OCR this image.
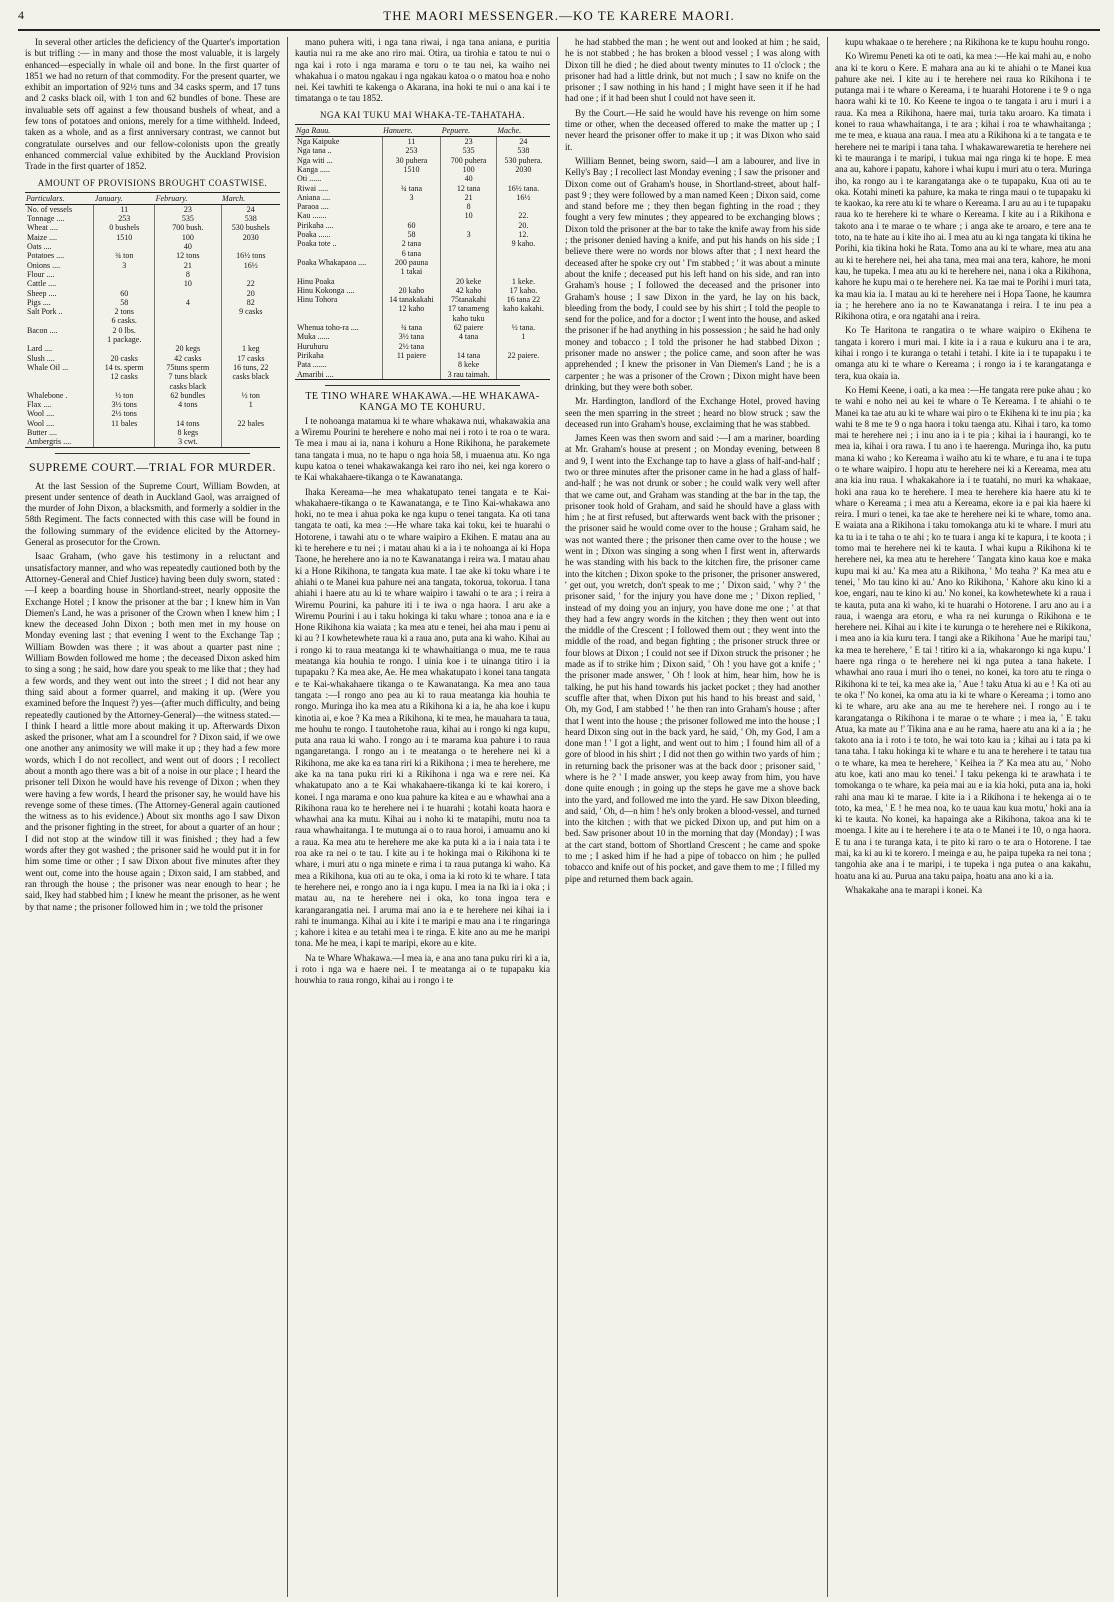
4	THE MAORI MESSENGER.—KO TE KARERE MAORI.

In several other articles the deficiency of the Quarter's importation is but trifling :— in many and those the most valuable, it is largely enhanced—especially in whale oil and bone. In the first quarter of 1851 we had no return of that commodity. For the present quarter, we exhibit an importation of 92½ tuns and 34 casks sperm, and 17 tuns and 2 casks black oil, with 1 ton and 62 bundles of bone. These are invaluable sets off against a few thousand bushels of wheat, and a few tons of potatoes and onions, merely for a time withheld. Indeed, taken as a whole, and as a first anniversary contrast, we cannot but congratulate ourselves and our fellow-colonists upon the greatly enhanced commercial value exhibited by the Auckland Provision Trade in the first quarter of 1852.

AMOUNT OF PROVISIONS BROUGHT COASTWISE.
Particulars.	January.	February.	March.
No. of vessels	11	23	24
Tonnage ....	253	535	538
Wheat ....	0 bushels	700 bush.	530 bushels
Maize ....	1510	100	2030
Oats ....		40	
Potatoes ....	¾ ton	12 tons	16½ tons
Onions ....	3	21	16½
Flour ....		8	
Cattle ....		10	22
Sheep ....	60		20
Pigs ....	58	4	82
Salt Pork ..	2 tons		9 casks
	6 casks.		
Bacon ....	2 0 lbs.		
	1 package.		
Lard ....		20 kegs	1 keg
Slush ....	20 casks	42 casks	17 casks
Whale Oil ...	14 ts. sperm	75tuns sperm	16 tuns, 22
	12 casks	7 tuns black	casks black
		casks black	
Whalebone .	½ ton	62 bundles	½ ton
Flax ....	3½ tons	4 tons	1
Wool ....	2½ tons		
Wool ....	11 bales	14 tons	22 bales
Butter ....		8 kegs	
Ambergris ....		3 cwt.	
SUPREME COURT.—TRIAL FOR MURDER.

At the last Session of the Supreme Court, William Bowden, at present under sentence of death in Auckland Gaol, was arraigned of the murder of John Dixon, a blacksmith, and formerly a soldier in the 58th Regiment. The facts connected with this case will be found in the following summary of the evidence elicited by the Attorney-General as prosecutor for the Crown.

Isaac Graham, (who gave his testimony in a reluctant and unsatisfactory manner, and who was repeatedly cautioned both by the Attorney-General and Chief Justice) having been duly sworn, stated :—I keep a boarding house in Shortland-street, nearly opposite the Exchange Hotel ; I know the prisoner at the bar ; I knew him in Van Diemen's Land, he was a prisoner of the Crown when I knew him ; I knew the deceased John Dixon ; both men met in my house on Monday evening last ; that evening I went to the Exchange Tap ; William Bowden was there ; it was about a quarter past nine ; William Bowden followed me home ; the deceased Dixon asked him to sing a song ; he said, how dare you speak to me like that ; they had a few words, and they went out into the street ; I did not hear any thing said about a former quarrel, and making it up. (Were you examined before the Inquest ?) yes—(after much difficulty, and being repeatedly cautioned by the Attorney-General)—the witness stated.—I think I heard a little more about making it up. Afterwards Dixon asked the prisoner, what am I a scoundrel for ? Dixon said, if we owe one another any animosity we will make it up ; they had a few more words, which I do not recollect, and went out of doors ; I recollect about a month ago there was a bit of a noise in our place ; I heard the prisoner tell Dixon he would have his revenge of Dixon ; when they were having a few words, I heard the prisoner say, he would have his revenge some of these times. (The Attorney-General again cautioned the witness as to his evidence.) About six months ago I saw Dixon and the prisoner fighting in the street, for about a quarter of an hour ; I did not stop at the window till it was finished ; they had a few words after they got washed ; the prisoner said he would put it in for him some time or other ; I saw Dixon about five minutes after they went out, come into the house again ; Dixon said, I am stabbed, and ran through the house ; the prisoner was near enough to hear ; he said, Ikey had stabbed him ; I knew he meant the prisoner, as he went by that name ; the prisoner followed him in ; we told the prisoner

mano puhera witi, i nga tana riwai, i nga tana aniana, e puritia kautia nui ra me ake ano riro mai. Otira, ua tirohia e tatou te nui o nga kai i roto i nga marama e toru o te tau nei, ka waiho nei whakahua i o matou ngakau i nga ngakau katoa o o matou hoa e noho nei. Kei tawhiti te kakenga o Akarana, ina hoki te nui o ana kai i te timatanga o te tau 1852.

NGA KAI TUKU MAI WHAKA-TE-TAHATAHA.
Nga Rauu.	Hanuere.	Pepuere.	Mache.
Nga Kaipuke	11	23	24
Nga tana ..	253	535	538
Nga witi ...	30 puhera	700 puhera	530 puhera.
Kanga .....	1510	100	2030
Oti ......		40	
Riwai .....	¾ tana	12 tana	16½ tana.
Aniana ....	3	21	16½
Paraoa ....		8	
Kau .......		10	22.
Pirikaha ....	60		20.
Poaka ......	58	3	12.
Poaka tote ..	2 tana		9 kaho.
	6 tana		
Poaka Whakapaoa ....	200 pauna		
	1 takai		
Hinu Poaka		20 keke	1 keke.
Hinu Kokonga ....	20 kaho	42 kaho	17 kaho.
Hinu Tohora	14 tanakakahi	75tanakahi	16 tana 22
	12 kaho	17 tanameng	kaho kakahi.
		kaho tuku	
Whenua toho-ra ....	¾ tana	62 paiere	½ tana.
Muka ......	3½ tana	4 tana	1
Huruhuru	2½ tana		
Pirikaha	11 paiere	14 tana	22 paiere.
Pata .......		8 keke	
Amaribi ....		3 rau taimah.	
TE TINO WHARE WHAKAWA.—HE WHAKAWA-KANGA MO TE KOHURU.

I te nohoanga matamua ki te whare whakawa nui, whakawakia ana a Wiremu Pourini te herehere e noho mai nei i roto i te roa o te wara. Te mea i mau ai ia, nana i kohuru a Hone Rikihona, he parakemete tana tangata i mua, no te hapu o nga hoia 58, i muaenua atu. Ko nga kupu katoa o tenei whakawakanga kei raro iho nei, kei nga korero o te Kai whakahaere-tikanga o te Kawanatanga.

Ihaka Kereama—he mea whakatupato tenei tangata e te Kai-whakahaere-tikanga o te Kawanatanga, e te Tino Kai-whakawa ano hoki, no te mea i ahua poka ke nga kupu o tenei tangata. Ka oti tana tangata te oati, ka mea :—He whare taka kai toku, kei te huarahi o Hotorene, i tawahi atu o te whare waipiro a Ekihen. E matau ana au ki te herehere e tu nei ; i matau ahau ki a ia i te nohoanga ai ki Hopa Taone, he herehere ano ia no te Kawanatanga i reira wa. I matau ahau ki a Hone Rikihona, te tangata kua mate. I tae ake ki toku whare i te ahiahi o te Manei kua pahure nei ana tangata, tokorua, tokorua. I tana ahiahi i haere atu au ki te whare waipiro i tawahi o te ara ; i reira a Wiremu Pourini, ka pahure iti i te iwa o nga haora. I aru ake a Wiremu Pourini i au i taku hokinga ki taku whare ; tonoa ana e ia e Hone Rikihona kia waiata ; ka mea atu e tenei, hei aha mau i penu ai ki au ? I kowhetewhete raua ki a raua ano, puta ana ki waho. Kihai au i rongo ki to raua meatanga ki te whawhaitianga o mua, me te raua meatanga kia houhia te rongo. I uinia koe i te uinanga titiro i ia tupapaku ? Ka mea ake, Ae. He mea whakatupato i konei tana tangata e te Kai-whakahaere tikanga o te Kawanatanga. Ka mea ano taua tangata :—I rongo ano pea au ki to raua meatanga kia houhia te rongo. Muringa iho ka mea atu a Rikihona ki a ia, he aha koe i kupu kinotia ai, e koe ? Ka mea a Rikihona, ki te mea, he mauahara ta taua, me houhu te rongo. I tautohetohe raua, kihai au i rongo ki nga kupu, puta ana raua ki waho. I rongo au i te marama kua pahure i to raua ngangaretanga. I rongo au i te meatanga o te herehere nei ki a Rikihona, me ake ka ea tana riri ki a Rikihona ; i mea te herehere, me ake ka na tana puku riri ki a Rikihona i nga wa e rere nei. Ka whakatupato ano a te Kai whakahaere-tikanga ki te kai korero, i konei. I nga marama e ono kua pahure ka kitea e au e whawhai ana a Rikihona raua ko te herehere nei i te huarahi ; kotahi koata haora e whawhai ana ka mutu. Kihai au i noho ki te matapihi, mutu noa ta raua whawhaitanga. I te mutunga ai o to raua horoi, i amuamu ano ki a raua. Ka mea atu te herehere me ake ka puta ki a ia i naia tata i te roa ake ra nei o te tau. I kite au i te hokinga mai o Rikihona ki te whare, i muri atu o nga minete e rima i ta raua putanga ki waho. Ka mea a Rikihona, kua oti au te oka, i oma ia ki roto ki te whare. I tata te herehere nei, e rongo ano ia i nga kupu. I mea ia na Iki ia i oka ; i matau au, na te herehere nei i oka, ko tona ingoa tera e karangarangatia nei. I aruma mai ano ia e te herehere nei kihai ia i rahi te inumanga. Kihai au i kite i te maripi e mau ana i te ringaringa ; kahore i kitea e au tetahi mea i te ringa. E kite ano au me he maripi tona. Me he mea, i kapi te maripi, ekore au e kite.

Na te Whare Whakawa.—I mea ia, e ana ano tana puku riri ki a ia, i roto i nga wa e haere nei. I te meatanga ai o te tupapaku kia houwhia to raua rongo, kihai au i rongo i te

he had stabbed the man ; he went out and looked at him ; he said, he is not stabbed ; he has broken a blood vessel ; I was along with Dixon till he died ; he died about twenty minutes to 11 o'clock ; the prisoner had had a little drink, but not much ; I saw no knife on the prisoner ; I saw nothing in his hand ; I might have seen it if he had had one ; if it had been shut I could not have seen it.

By the Court.—He said he would have his revenge on him some time or other, when the deceased offered to make the matter up ; I never heard the prisoner offer to make it up ; it was Dixon who said it.

William Bennet, being sworn, said—I am a labourer, and live in Kelly's Bay ; I recollect last Monday evening ; I saw the prisoner and Dixon come out of Graham's house, in Shortland-street, about half-past 9 ; they were followed by a man named Keen ; Dixon said, come and stand before me ; they then began fighting in the road ; they fought a very few minutes ; they appeared to be exchanging blows ; Dixon told the prisoner at the bar to take the knife away from his side ; the prisoner denied having a knife, and put his hands on his side ; I believe there were no words nor blows after that ; I next heard the deceased after he spoke cry out ' I'm stabbed ; ' it was about a minute about the knife ; deceased put his left hand on his side, and ran into Graham's house ; I followed the deceased and the prisoner into Graham's house ; I saw Dixon in the yard, he lay on his back, bleeding from the body, I could see by his shirt ; I told the people to send for the police, and for a doctor ; I went into the house, and asked the prisoner if he had anything in his possession ; he said he had only money and tobacco ; I told the prisoner he had stabbed Dixon ; prisoner made no answer ; the police came, and soon after he was apprehended ; I knew the prisoner in Van Diemen's Land ; he is a carpenter ; he was a prisoner of the Crown ; Dixon might have been drinking, but they were both sober.

Mr. Hardington, landlord of the Exchange Hotel, proved having seen the men sparring in the street ; heard no blow struck ; saw the deceased run into Graham's house, exclaiming that he was stabbed.

James Keen was then sworn and said :—I am a mariner, boarding at Mr. Graham's house at present ; on Monday evening, between 8 and 9, I went into the Exchange tap to have a glass of half-and-half ; two or three minutes after the prisoner came in he had a glass of half-and-half ; he was not drunk or sober ; he could walk very well after that we came out, and Graham was standing at the bar in the tap, the prisoner took hold of Graham, and said he should have a glass with him ; he at first refused, but afterwards went back with the prisoner ; the prisoner said he would come over to the house ; Graham said, he was not wanted there ; the prisoner then came over to the house ; we went in ; Dixon was singing a song when I first went in, afterwards he was standing with his back to the kitchen fire, the prisoner came into the kitchen ; Dixon spoke to the prisoner, the prisoner answered, ' get out, you wretch, don't speak to me ; ' Dixon said, ' why ? ' the prisoner said, ' for the injury you have done me ; ' Dixon replied, ' instead of my doing you an injury, you have done me one ; ' at that they had a few angry words in the kitchen ; they then went out into the middle of the Crescent ; I followed them out ; they went into the middle of the road, and began fighting ; the prisoner struck three or four blows at Dixon ; I could not see if Dixon struck the prisoner ; he made as if to strike him ; Dixon said, ' Oh ! you have got a knife ; ' the prisoner made answer, ' Oh ! look at him, hear him, how he is talking, he put his hand towards his jacket pocket ; they had another scuffle after that, when Dixon put his hand to his breast and said, ' Oh, my God, I am stabbed ! ' he then ran into Graham's house ; after that I went into the house ; the prisoner followed me into the house ; I heard Dixon sing out in the back yard, he said, ' Oh, my God, I am a done man ! ' I got a light, and went out to him ; I found him all of a gore of blood in his shirt ; I did not then go within two yards of him ; in returning back the prisoner was at the back door ; prisoner said, ' where is he ? ' I made answer, you keep away from him, you have done quite enough ; in going up the steps he gave me a shove back into the yard, and followed me into the yard. He saw Dixon bleeding, and said, ' Oh, d—n him ! he's only broken a blood-vessel, and turned into the kitchen ; with that we picked Dixon up, and put him on a bed. Saw prisoner about 10 in the morning that day (Monday) ; I was at the cart stand, bottom of Shortland Crescent ; he came and spoke to me ; I asked him if he had a pipe of tobacco on him ; he pulled tobacco and knife out of his pocket, and gave them to me ; I filled my pipe and returned them back again.

kupu whakaae o te herehere ; na Rikihona ke te kupu houhu rongo.

Ko Wiremu Peneti ka oti te oati, ka mea :—He kai mahi au, e noho ana ki te koru o Kere. E mahara ana au ki te ahiahi o te Manei kua pahure ake nei. I kite au i te herehere nei raua ko Rikihona i te putanga mai i te whare o Kereama, i te huarahi Hotorene i te 9 o nga haora wahi ki te 10. Ko Keene te ingoa o te tangata i aru i muri i a raua. Ka mea a Rikihona, haere mai, turia taku aroaro. Ka timata i konei to raua whawhaitanga, i te ara ; kihai i roa te whawhaitanga ; me te mea, e kuaua ana raua. I mea atu a Rikihona ki a te tangata e te herehere nei te maripi i tana taha. I whakawarewaretia te herehere nei ki te mauranga i te maripi, i tukua mai nga ringa ki te hope. E mea ana au, kahore i papatu, kahore i whai kupu i muri atu o tera. Muringa iho, ka rongo au i te karangatanga ake o te tupapaku, Kua oti au te oka. Kotahi mineti ka pahure, ka maka te ringa maui o te tupapaku ki te kaokao, ka rere atu ki te whare o Kereama. I aru au au i te tupapaku raua ko te herehere ki te whare o Kereama. I kite au i a Rikihona e takoto ana i te marae o te whare ; i anga ake te aroaro, e tere ana te toto, na te hate au i kite iho ai. I mea atu au ki nga tangata ki tikina he Porihi, kia tikina hoki he Rata. Tomo ana au ki te whare, mea atu ana au ki te herehere nei, hei aha tana, mea mai ana tera, kahore, he moni kau, he tupeka. I mea atu au ki te herehere nei, nana i oka a Rikihona, kahore he kupu mai o te herehere nei. Ka tae mai te Porihi i muri tata, ka mau kia ia. I matau au ki te herehere nei i Hopa Taone, he kaumra ia ; he herehere ano ia no te Kawanatanga i reira. I te inu pea a Rikihona otira, e ora ngatahi ana i reira.

Ko Te Haritona te rangatira o te whare waipiro o Ekihena te tangata i korero i muri mai. I kite ia i a raua e kukuru ana i te ara, kihai i rongo i te kuranga o tetahi i tetahi. I kite ia i te tupapaku i te omanga atu ki te whare o Kereama ; i rongo ia i te karangatanga e tera, kua okaia ia.

Ko Hemi Keene, i oati, a ka mea :—He tangata rere puke ahau ; ko te wahi e noho nei au kei te whare o Te Kereama. I te ahiahi o te Manei ka tae atu au ki te whare wai piro o te Ekihena ki te inu pia ; ka wahi te 8 me te 9 o nga haora i toku taenga atu. Kihai i taro, ka tomo mai te herehere nei ; i inu ano ia i te pia ; kihai ia i haurangi, ko te mea ia, kihai i ora rawa. I tu ano i te haerenga. Muringa iho, ka putu mana ki waho ; ko Kereama i waiho atu ki te whare, e tu ana i te tupa o te whare waipiro. I hopu atu te herehere nei ki a Kereama, mea atu ana kia inu raua. I whakakahore ia i te tuatahi, no muri ka whakaae, hoki ana raua ko te herehere. I mea te herehere kia haere atu ki te whare o Kereama ; i mea atu a Kereama, ekore ia e pai kia haere ki reira. I muri o tenei, ka tae ake te herehere nei ki te whare, tomo ana. E waiata ana a Rikihona i taku tomokanga atu ki te whare. I muri atu ka tu ia i te taha o te ahi ; ko te tuara i anga ki te kapura, i te koota ; i tomo mai te herehere nei ki te kauta. I whai kupu a Rikihona ki te herehere nei, ka mea atu te herehere ' Tangata kino kaua koe e maka kupu mai ki au.' Ka mea atu a Rikihona, ' Mo teaha ?' Ka mea atu e tenei, ' Mo tau kino ki au.' Ano ko Rikihona, ' Kahore aku kino ki a koe, engari, nau te kino ki au.' No konei, ka kowhetewhete ki a raua i te kauta, puta ana ki waho, ki te huarahi o Hotorene. I aru ano au i a raua, i waenga ara etoru, e wha ra nei kurunga o Rikihona e te herehere nei. Kihai au i kite i te kurunga o te herehere nei e Rikikona, i mea ano ia kia kuru tera. I tangi ake a Rikihona ' Aue he maripi tau,' ka mea te herehere, ' E tai ! titiro ki a ia, whakarongo ki nga kupu.' I haere nga ringa o te herehere nei ki nga putea a tana hakete. I whawhai ano raua i muri iho o tenei, no konei, ka toro atu te ringa o Rikihona ki te tei, ka mea ake ia, ' Aue ! taku Atua ki au e ! Ka oti au te oka !' No konei, ka oma atu ia ki te whare o Kereama ; i tomo ano ki te whare, aru ake ana au me te herehere nei. I rongo au i te karangatanga o Rikihona i te marae o te whare ; i mea ia, ' E taku Atua, ka mate au !' Tikina ana e au he rama, haere atu ana ki a ia ; he takoto ana ia i roto i te toto, he wai toto kau ia ; kihai au i tata pa ki tana taha. I taku hokinga ki te whare e tu ana te herehere i te tatau tua o te whare, ka mea te herehere, ' Keihea ia ?' Ka mea atu au, ' Noho atu koe, kati ano mau ko tenei.' I taku pekenga ki te arawhata i te tomokanga o te whare, ka peia mai au e ia kia hoki, puta ana ia, hoki rahi ana mau ki te marae. I kite ia i a Rikihona i te hekenga ai o te toto, ka mea, ' E ! he mea noa, ko te uaua kau kua motu,' hoki ana ia ki te kauta. No konei, ka hapainga ake a Rikihona, takoa ana ki te moenga. I kite au i te herehere i te ata o te Manei i te 10, o nga haora. E tu ana i te turanga kata, i te pito ki raro o te ara o Hotorene. I tae mai, ka ki au ki te korero. I meinga e au, he paipa tupeka ra nei tona ; tangohia ake ana i te maripi, i te tupeka i nga putea o ana kakahu, hoatu ana ki au. Purua ana taku paipa, hoatu ana ano ki a ia.

Whakakahe ana te marapi i konei. Ka
